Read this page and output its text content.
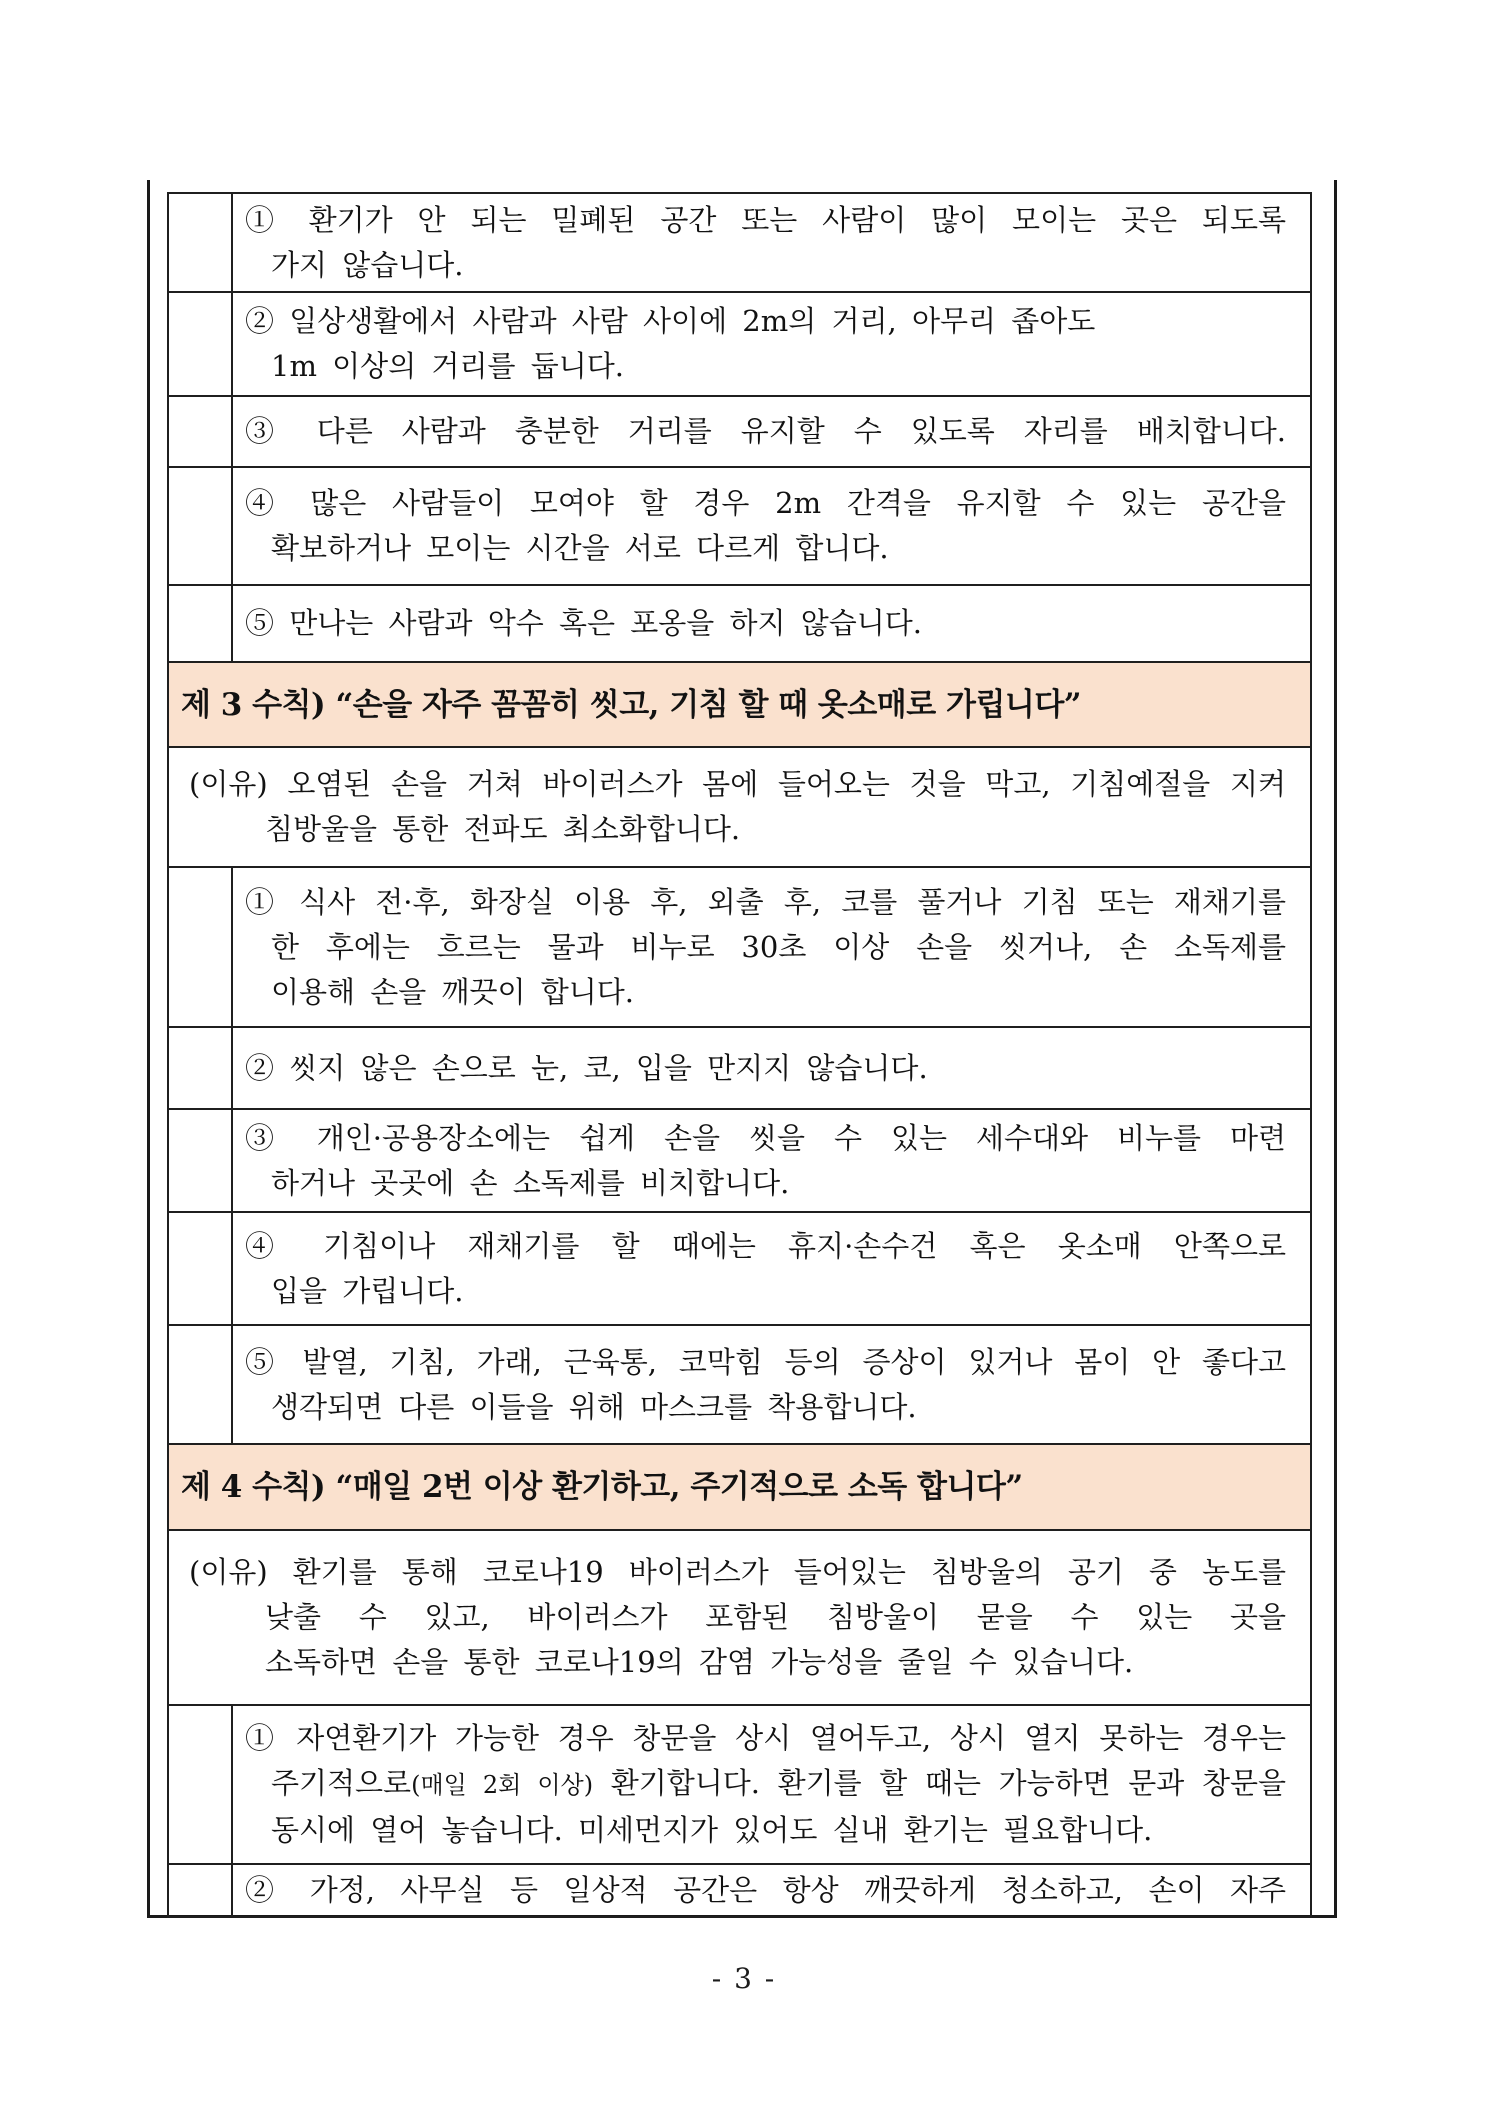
① 환기가 안 되는 밀폐된 공간 또는 사람이 많이 모이는 곳은 되도록
가지 않습니다.
② 일상생활에서 사람과 사람 사이에 2m의 거리, 아무리 좁아도
1m 이상의 거리를 둡니다.
③ 다른 사람과 충분한 거리를 유지할 수 있도록 자리를 배치합니다.
④ 많은 사람들이 모여야 할 경우 2m 간격을 유지할 수 있는 공간을
확보하거나 모이는 시간을 서로 다르게 합니다.
⑤ 만나는 사람과 악수 혹은 포옹을 하지 않습니다.
제 3 수칙) “손을 자주 꼼꼼히 씻고, 기침 할 때 옷소매로 가립니다”
(이유) 오염된 손을 거쳐 바이러스가 몸에 들어오는 것을 막고, 기침예절을 지켜
침방울을 통한 전파도 최소화합니다.
① 식사 전·후, 화장실 이용 후, 외출 후, 코를 풀거나 기침 또는 재채기를
한 후에는 흐르는 물과 비누로 30초 이상 손을 씻거나, 손 소독제를
이용해 손을 깨끗이 합니다.
② 씻지 않은 손으로 눈, 코, 입을 만지지 않습니다.
③ 개인·공용장소에는 쉽게 손을 씻을 수 있는 세수대와 비누를 마련
하거나 곳곳에 손 소독제를 비치합니다.
④ 기침이나 재채기를 할 때에는 휴지·손수건 혹은 옷소매 안쪽으로
입을 가립니다.
⑤ 발열, 기침, 가래, 근육통, 코막힘 등의 증상이 있거나 몸이 안 좋다고
생각되면 다른 이들을 위해 마스크를 착용합니다.
제 4 수칙) “매일 2번 이상 환기하고, 주기적으로 소독 합니다”
(이유) 환기를 통해 코로나19 바이러스가 들어있는 침방울의 공기 중 농도를
낮출 수 있고, 바이러스가 포함된 침방울이 묻을 수 있는 곳을
소독하면 손을 통한 코로나19의 감염 가능성을 줄일 수 있습니다.
① 자연환기가 가능한 경우 창문을 상시 열어두고, 상시 열지 못하는 경우는
주기적으로(매일 2회 이상) 환기합니다. 환기를 할 때는 가능하면 문과 창문을
동시에 열어 놓습니다. 미세먼지가 있어도 실내 환기는 필요합니다.
② 가정, 사무실 등 일상적 공간은 항상 깨끗하게 청소하고, 손이 자주
- 3 -
